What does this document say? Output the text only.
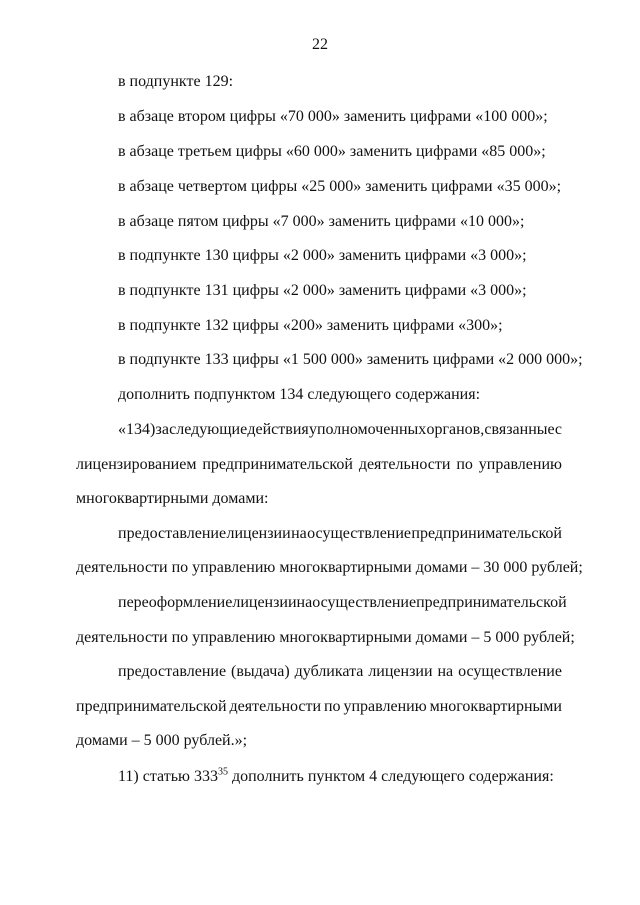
22
в подпункте 129:
в абзаце втором цифры «70 000» заменить цифрами «100 000»;
в абзаце третьем цифры «60 000» заменить цифрами «85 000»;
в абзаце четвертом цифры «25 000» заменить цифрами «35 000»;
в абзаце пятом цифры «7 000» заменить цифрами «10 000»;
в подпункте 130 цифры «2 000» заменить цифрами «3 000»;
в подпункте 131 цифры «2 000» заменить цифрами «3 000»;
в подпункте 132 цифры «200» заменить цифрами «300»;
в подпункте 133 цифры «1 500 000» заменить цифрами «2 000 000»;
дополнить подпунктом 134 следующего содержания:
«134) за следующие действия уполномоченных органов, связанные с
лицензированием предпринимательской деятельности по управлению
многоквартирными домами:
предоставление лицензии на осуществление предпринимательской
деятельности по управлению многоквартирными домами – 30 000 рублей;
переоформление лицензии на осуществление предпринимательской
деятельности по управлению многоквартирными домами – 5 000 рублей;
предоставление (выдача) дубликата лицензии на осуществление
предпринимательской деятельности по управлению многоквартирными
домами – 5 000 рублей.»;
11) статью $333^{35}$ дополнить пунктом 4 следующего содержания:
